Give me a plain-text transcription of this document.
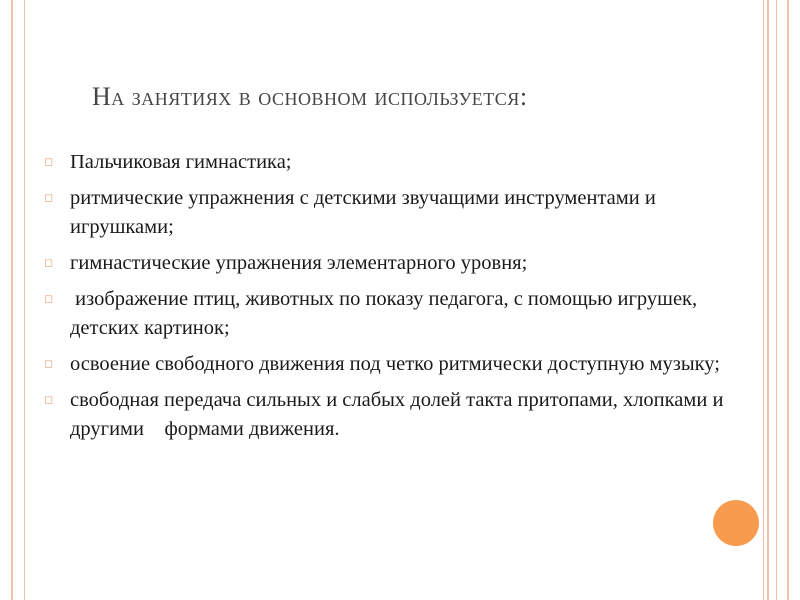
На занятиях в основном используется:
◻ Пальчиковая гимнастика;
◻ ритмические упражнения с детскими звучащими инструментами и игрушками;
◻ гимнастические упражнения элементарного уровня;
◻ изображение птиц, животных по показу педагога, с помощью игрушек, детских картинок;
◻ освоение свободного движения под четко ритмически доступную музыку;
◻ свободная передача сильных и слабых долей такта притопами, хлопками и другими    формами движения.
